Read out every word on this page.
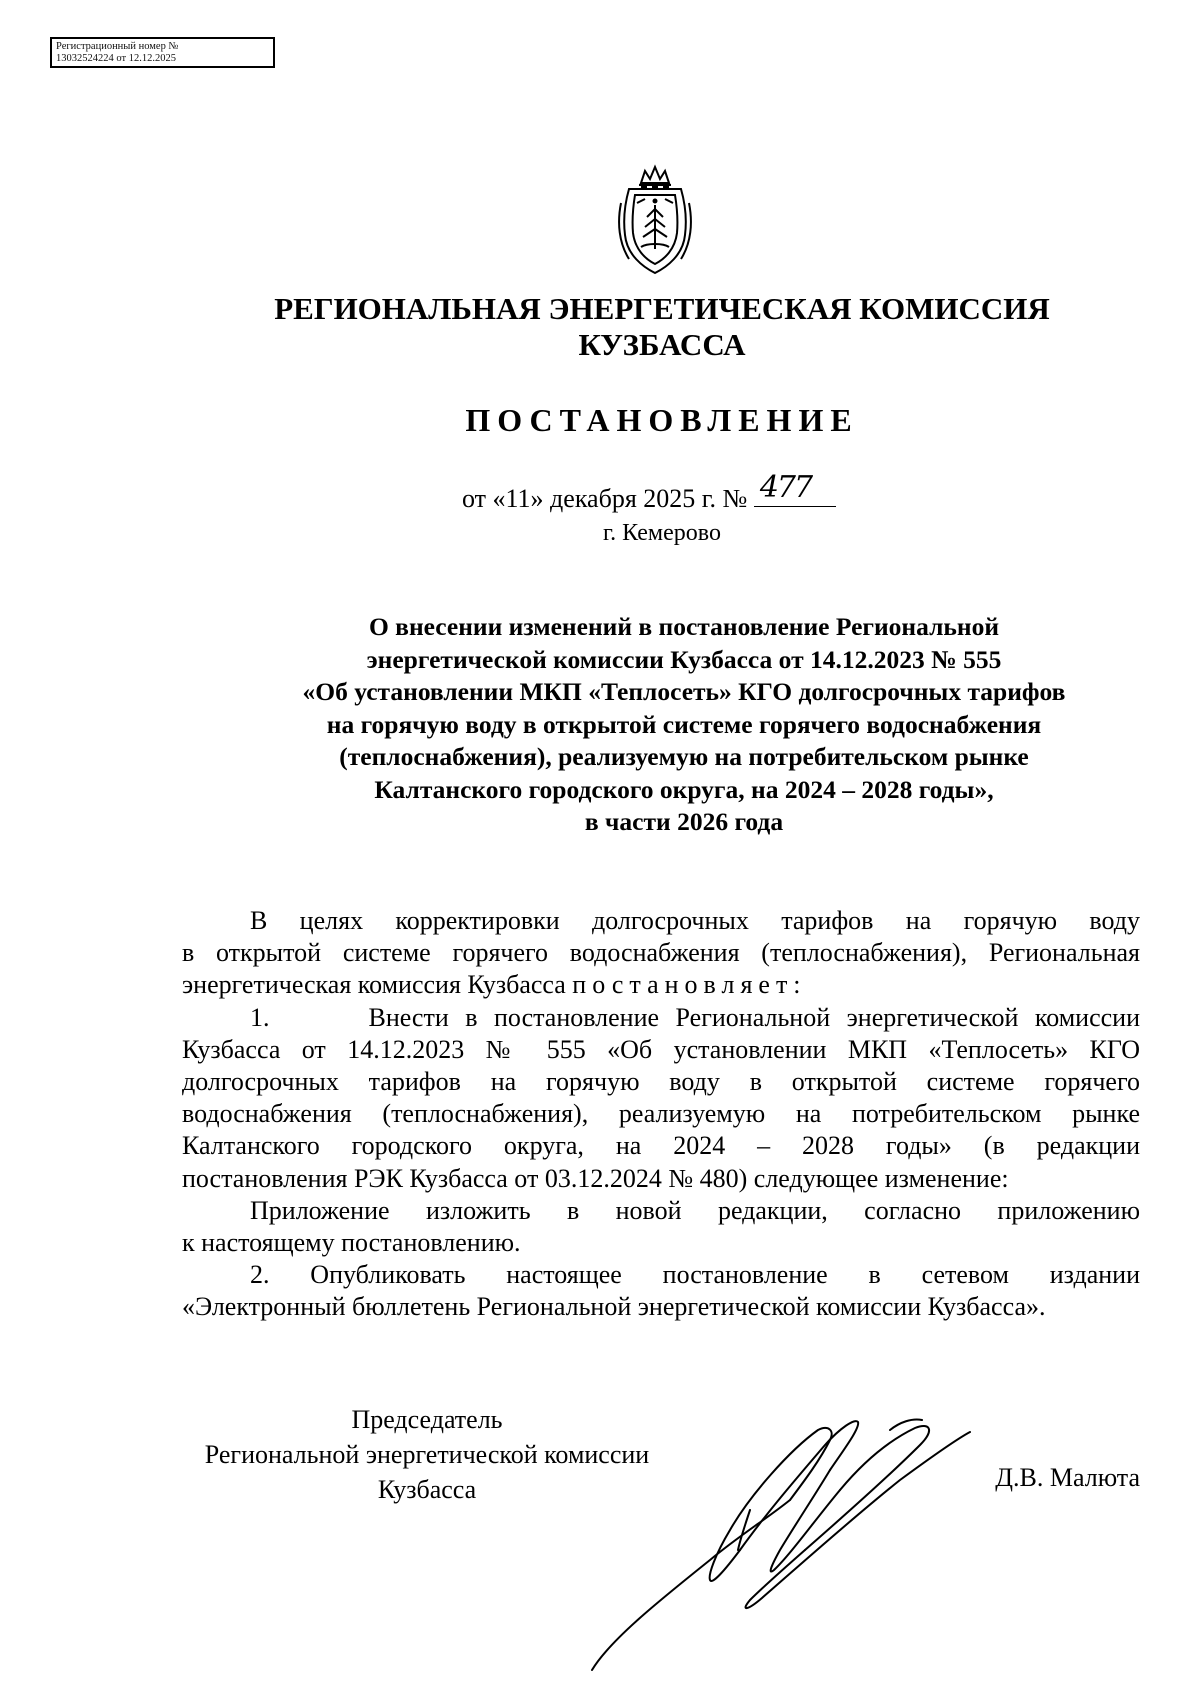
Регистрационный номер №
13032524224 от 12.12.2025
РЕГИОНАЛЬНАЯ ЭНЕРГЕТИЧЕСКАЯ КОМИССИЯ
КУЗБАССА
ПОСТАНОВЛЕНИЕ
от «11» декабря 2025 г. № 477
г. Кемерово
О внесении изменений в постановление Региональной
энергетической комиссии Кузбасса от 14.12.2023 № 555
«Об установлении МКП «Теплосеть» КГО долгосрочных тарифов
на горячую воду в открытой системе горячего водоснабжения
(теплоснабжения), реализуемую на потребительском рынке
Калтанского городского округа, на 2024 – 2028 годы»,
в части 2026 года
В целях корректировки долгосрочных тарифов на горячую воду
в открытой системе горячего водоснабжения (теплоснабжения), Региональная
энергетическая комиссия Кузбасса постановляет:
1.      Внести в постановление Региональной энергетической комиссии
Кузбасса от 14.12.2023 № 555 «Об установлении МКП «Теплосеть» КГО
долгосрочных тарифов на горячую воду в открытой системе горячего
водоснабжения (теплоснабжения), реализуемую на потребительском рынке
Калтанского городского округа, на 2024 – 2028 годы» (в редакции
постановления РЭК Кузбасса от 03.12.2024 № 480) следующее изменение:
Приложение изложить в новой редакции, согласно приложению
к настоящему постановлению.
2. Опубликовать настоящее постановление в сетевом издании
«Электронный бюллетень Региональной энергетической комиссии Кузбасса».
Председатель
Региональной энергетической комиссии
Кузбасса	Д.В. Малюта
